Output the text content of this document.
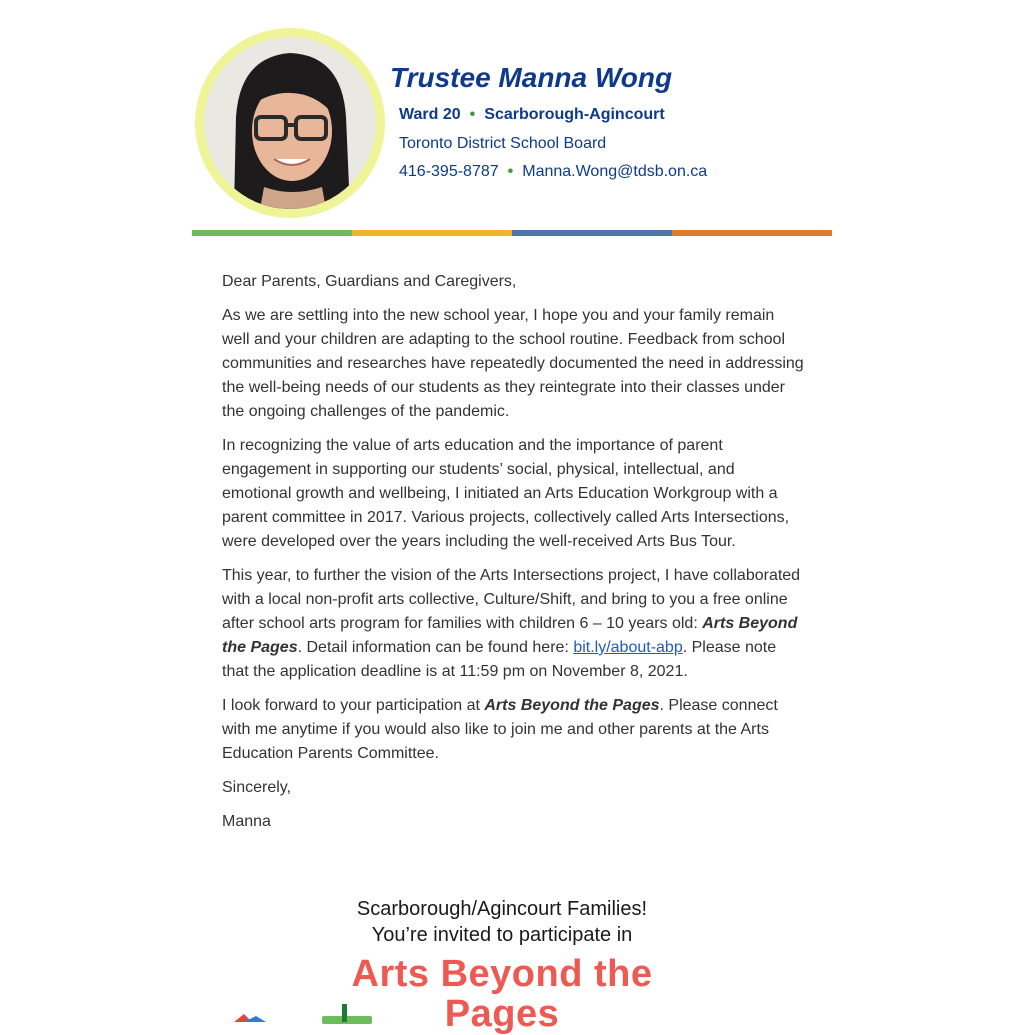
Trustee Manna Wong
Ward 20 • Scarborough-Agincourt
Toronto District School Board
416-395-8787 • Manna.Wong@tdsb.on.ca

Dear Parents, Guardians and Caregivers,

As we are settling into the new school year, I hope you and your family remain well and your children are adapting to the school routine. Feedback from school communities and researches have repeatedly documented the need in addressing the well-being needs of our students as they reintegrate into their classes under the ongoing challenges of the pandemic.

In recognizing the value of arts education and the importance of parent engagement in supporting our students’ social, physical, intellectual, and emotional growth and wellbeing, I initiated an Arts Education Workgroup with a parent committee in 2017. Various projects, collectively called Arts Intersections, were developed over the years including the well-received Arts Bus Tour.

This year, to further the vision of the Arts Intersections project, I have collaborated with a local non-profit arts collective, Culture/Shift, and bring to you a free online after school arts program for families with children 6 – 10 years old: Arts Beyond the Pages. Detail information can be found here: bit.ly/about-abp. Please note that the application deadline is at 11:59 pm on November 8, 2021.

I look forward to your participation at Arts Beyond the Pages. Please connect with me anytime if you would also like to join me and other parents at the Arts Education Parents Committee.

Sincerely,

Manna

Scarborough/Agincourt Families!
You’re invited to participate in
Arts Beyond the
Pages
